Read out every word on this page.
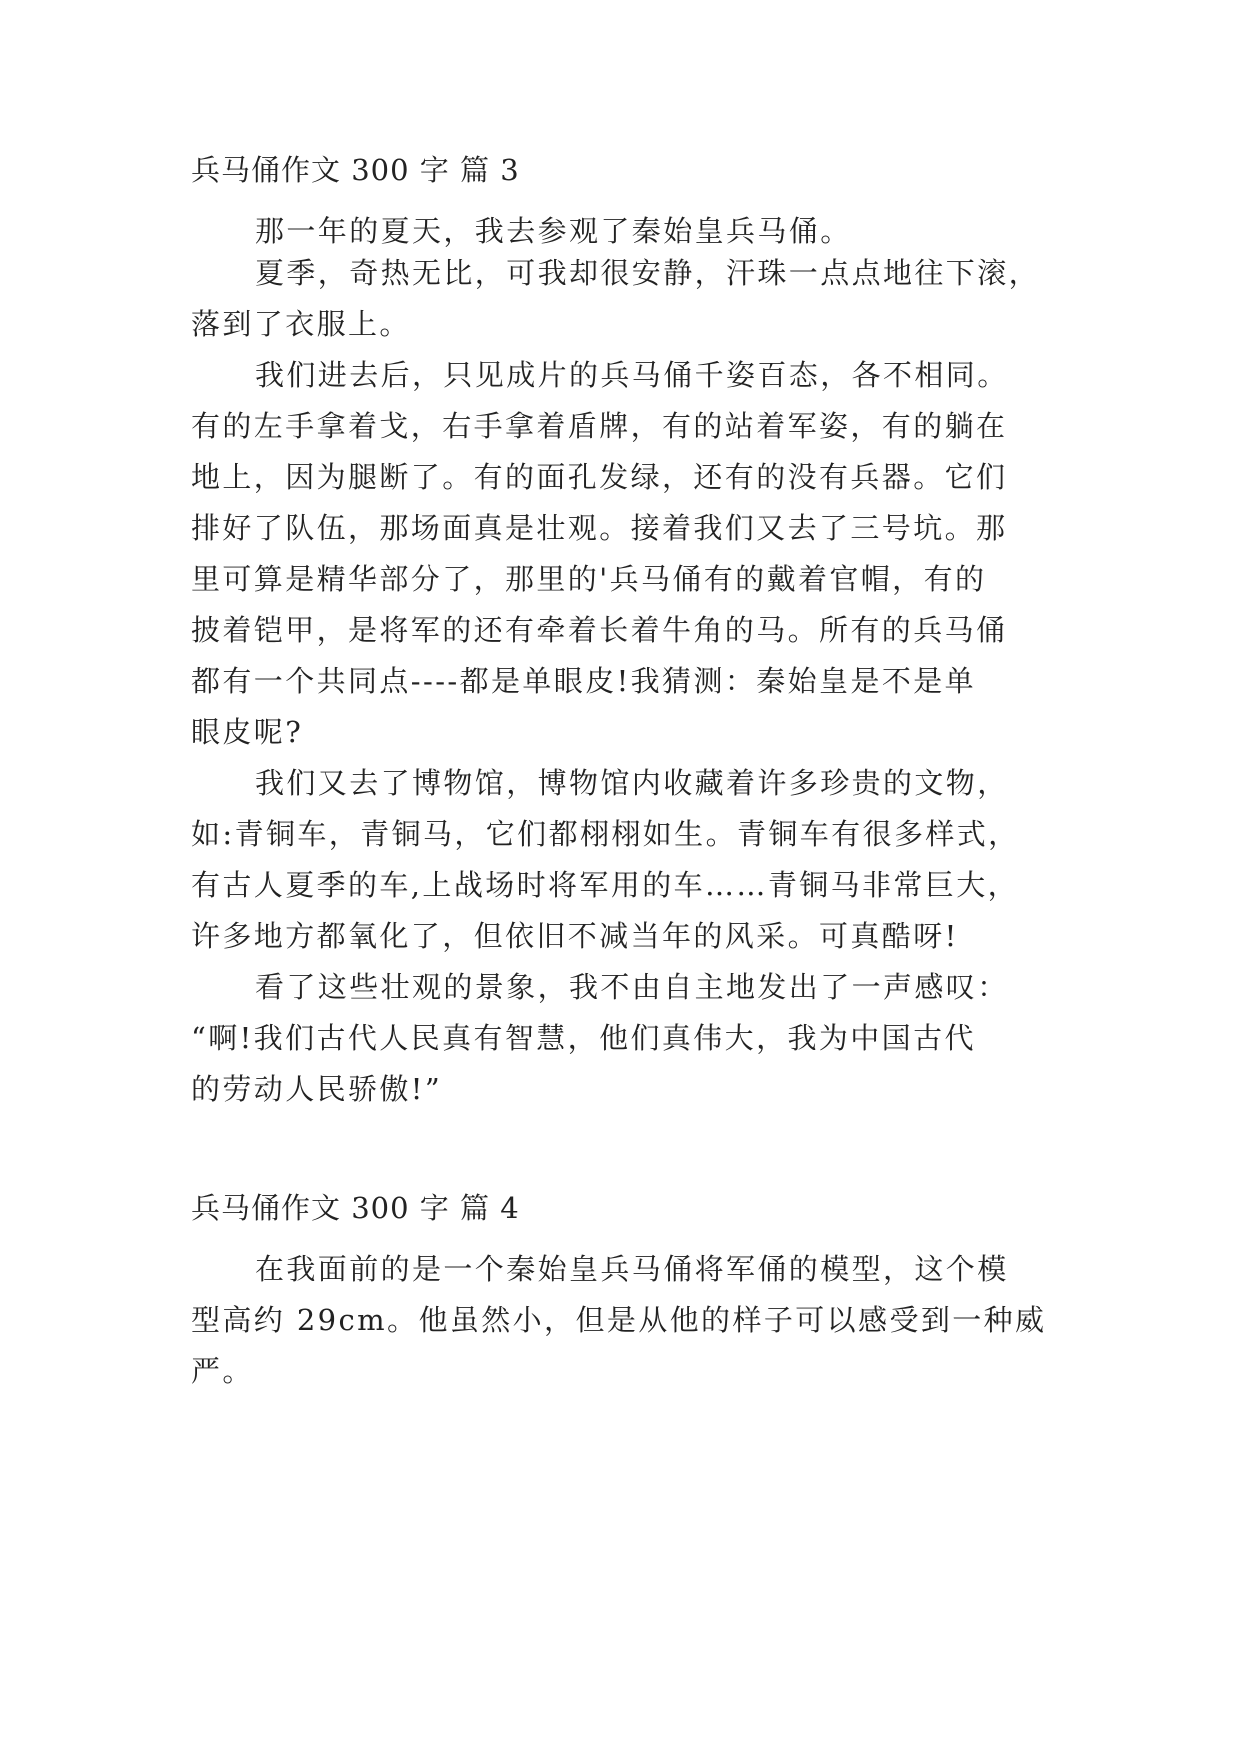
兵马俑作文 300 字 篇 3
那一年的夏天，我去参观了秦始皇兵马俑。
夏季，奇热无比，可我却很安静，汗珠一点点地往下滚，
落到了衣服上。
我们进去后，只见成片的兵马俑千姿百态，各不相同。
有的左手拿着戈，右手拿着盾牌，有的站着军姿，有的躺在
地上，因为腿断了。有的面孔发绿，还有的没有兵器。它们
排好了队伍，那场面真是壮观。接着我们又去了三号坑。那
里可算是精华部分了，那里的'兵马俑有的戴着官帽，有的
披着铠甲，是将军的还有牵着长着牛角的马。所有的兵马俑
都有一个共同点----都是单眼皮!我猜测：秦始皇是不是单
眼皮呢?
我们又去了博物馆，博物馆内收藏着许多珍贵的文物，
如:青铜车，青铜马，它们都栩栩如生。青铜车有很多样式，
有古人夏季的车,上战场时将军用的车……青铜马非常巨大，
许多地方都氧化了，但依旧不减当年的风采。可真酷呀!
看了这些壮观的景象，我不由自主地发出了一声感叹：
“啊!我们古代人民真有智慧，他们真伟大，我为中国古代
的劳动人民骄傲!”
兵马俑作文 300 字 篇 4
在我面前的是一个秦始皇兵马俑将军俑的模型，这个模
型高约 29cm。他虽然小，但是从他的样子可以感受到一种威
严。
